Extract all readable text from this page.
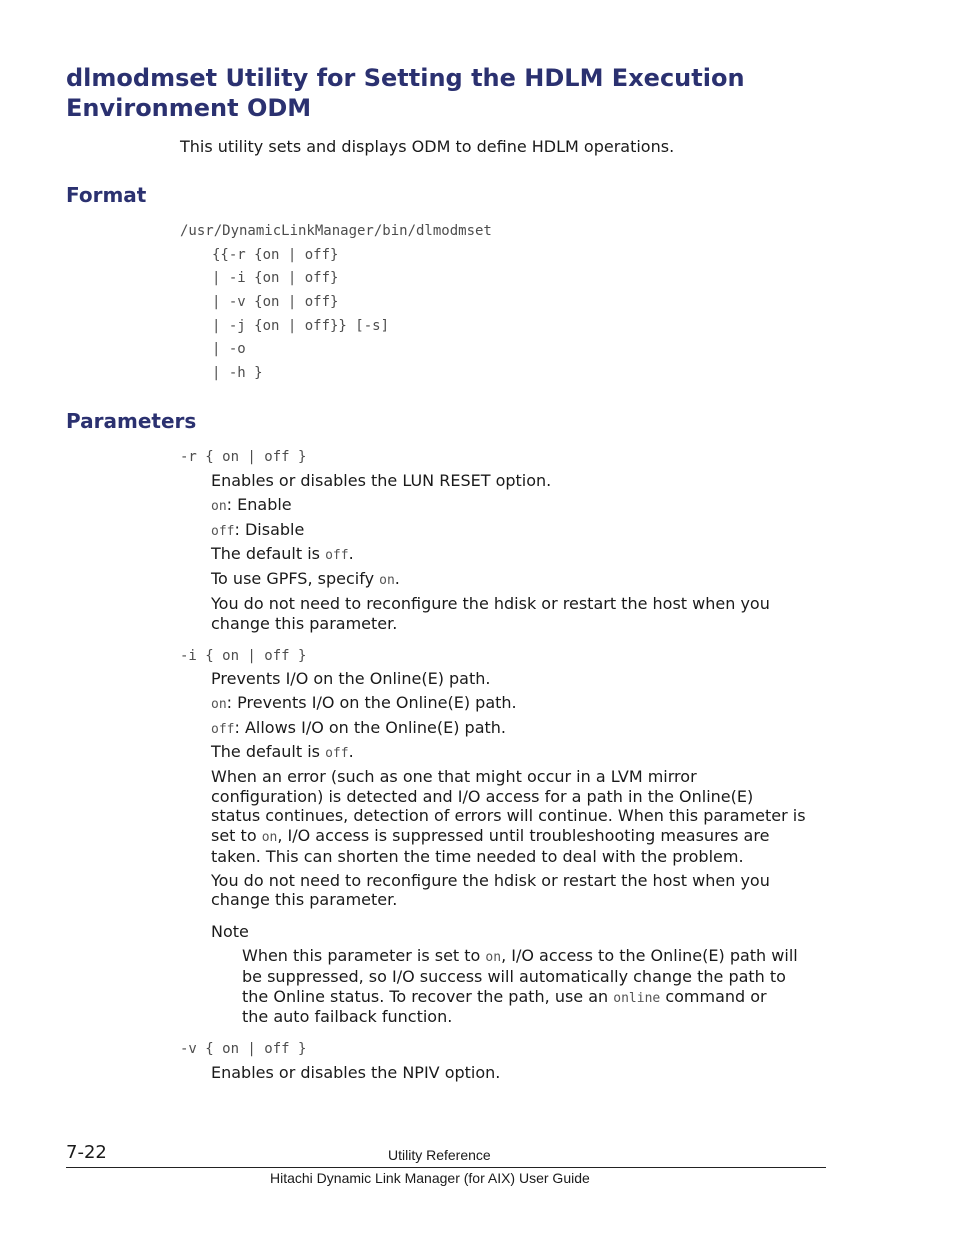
dlmodmset Utility for Setting the HDLM Execution
Environment ODM
This utility sets and displays ODM to define HDLM operations.
Format
/usr/DynamicLinkManager/bin/dlmodmset
{{-r {on | off}
| -i {on | off}
| -v {on | off}
| -j {on | off}} [-s]
| -o
| -h }
Parameters
-r { on | off }
Enables or disables the LUN RESET option.
on: Enable
off: Disable
The default is off.
To use GPFS, specify on.
You do not need to reconfigure the hdisk or restart the host when you
change this parameter.
-i { on | off }
Prevents I/O on the Online(E) path.
on: Prevents I/O on the Online(E) path.
off: Allows I/O on the Online(E) path.
The default is off.
When an error (such as one that might occur in a LVM mirror
configuration) is detected and I/O access for a path in the Online(E)
status continues, detection of errors will continue. When this parameter is
set to on, I/O access is suppressed until troubleshooting measures are
taken. This can shorten the time needed to deal with the problem.
You do not need to reconfigure the hdisk or restart the host when you
change this parameter.
Note
When this parameter is set to on, I/O access to the Online(E) path will
be suppressed, so I/O success will automatically change the path to
the Online status. To recover the path, use an online command or
the auto failback function.
-v { on | off }
Enables or disables the NPIV option.
7-22	Utility Reference
Hitachi Dynamic Link Manager (for AIX) User Guide
